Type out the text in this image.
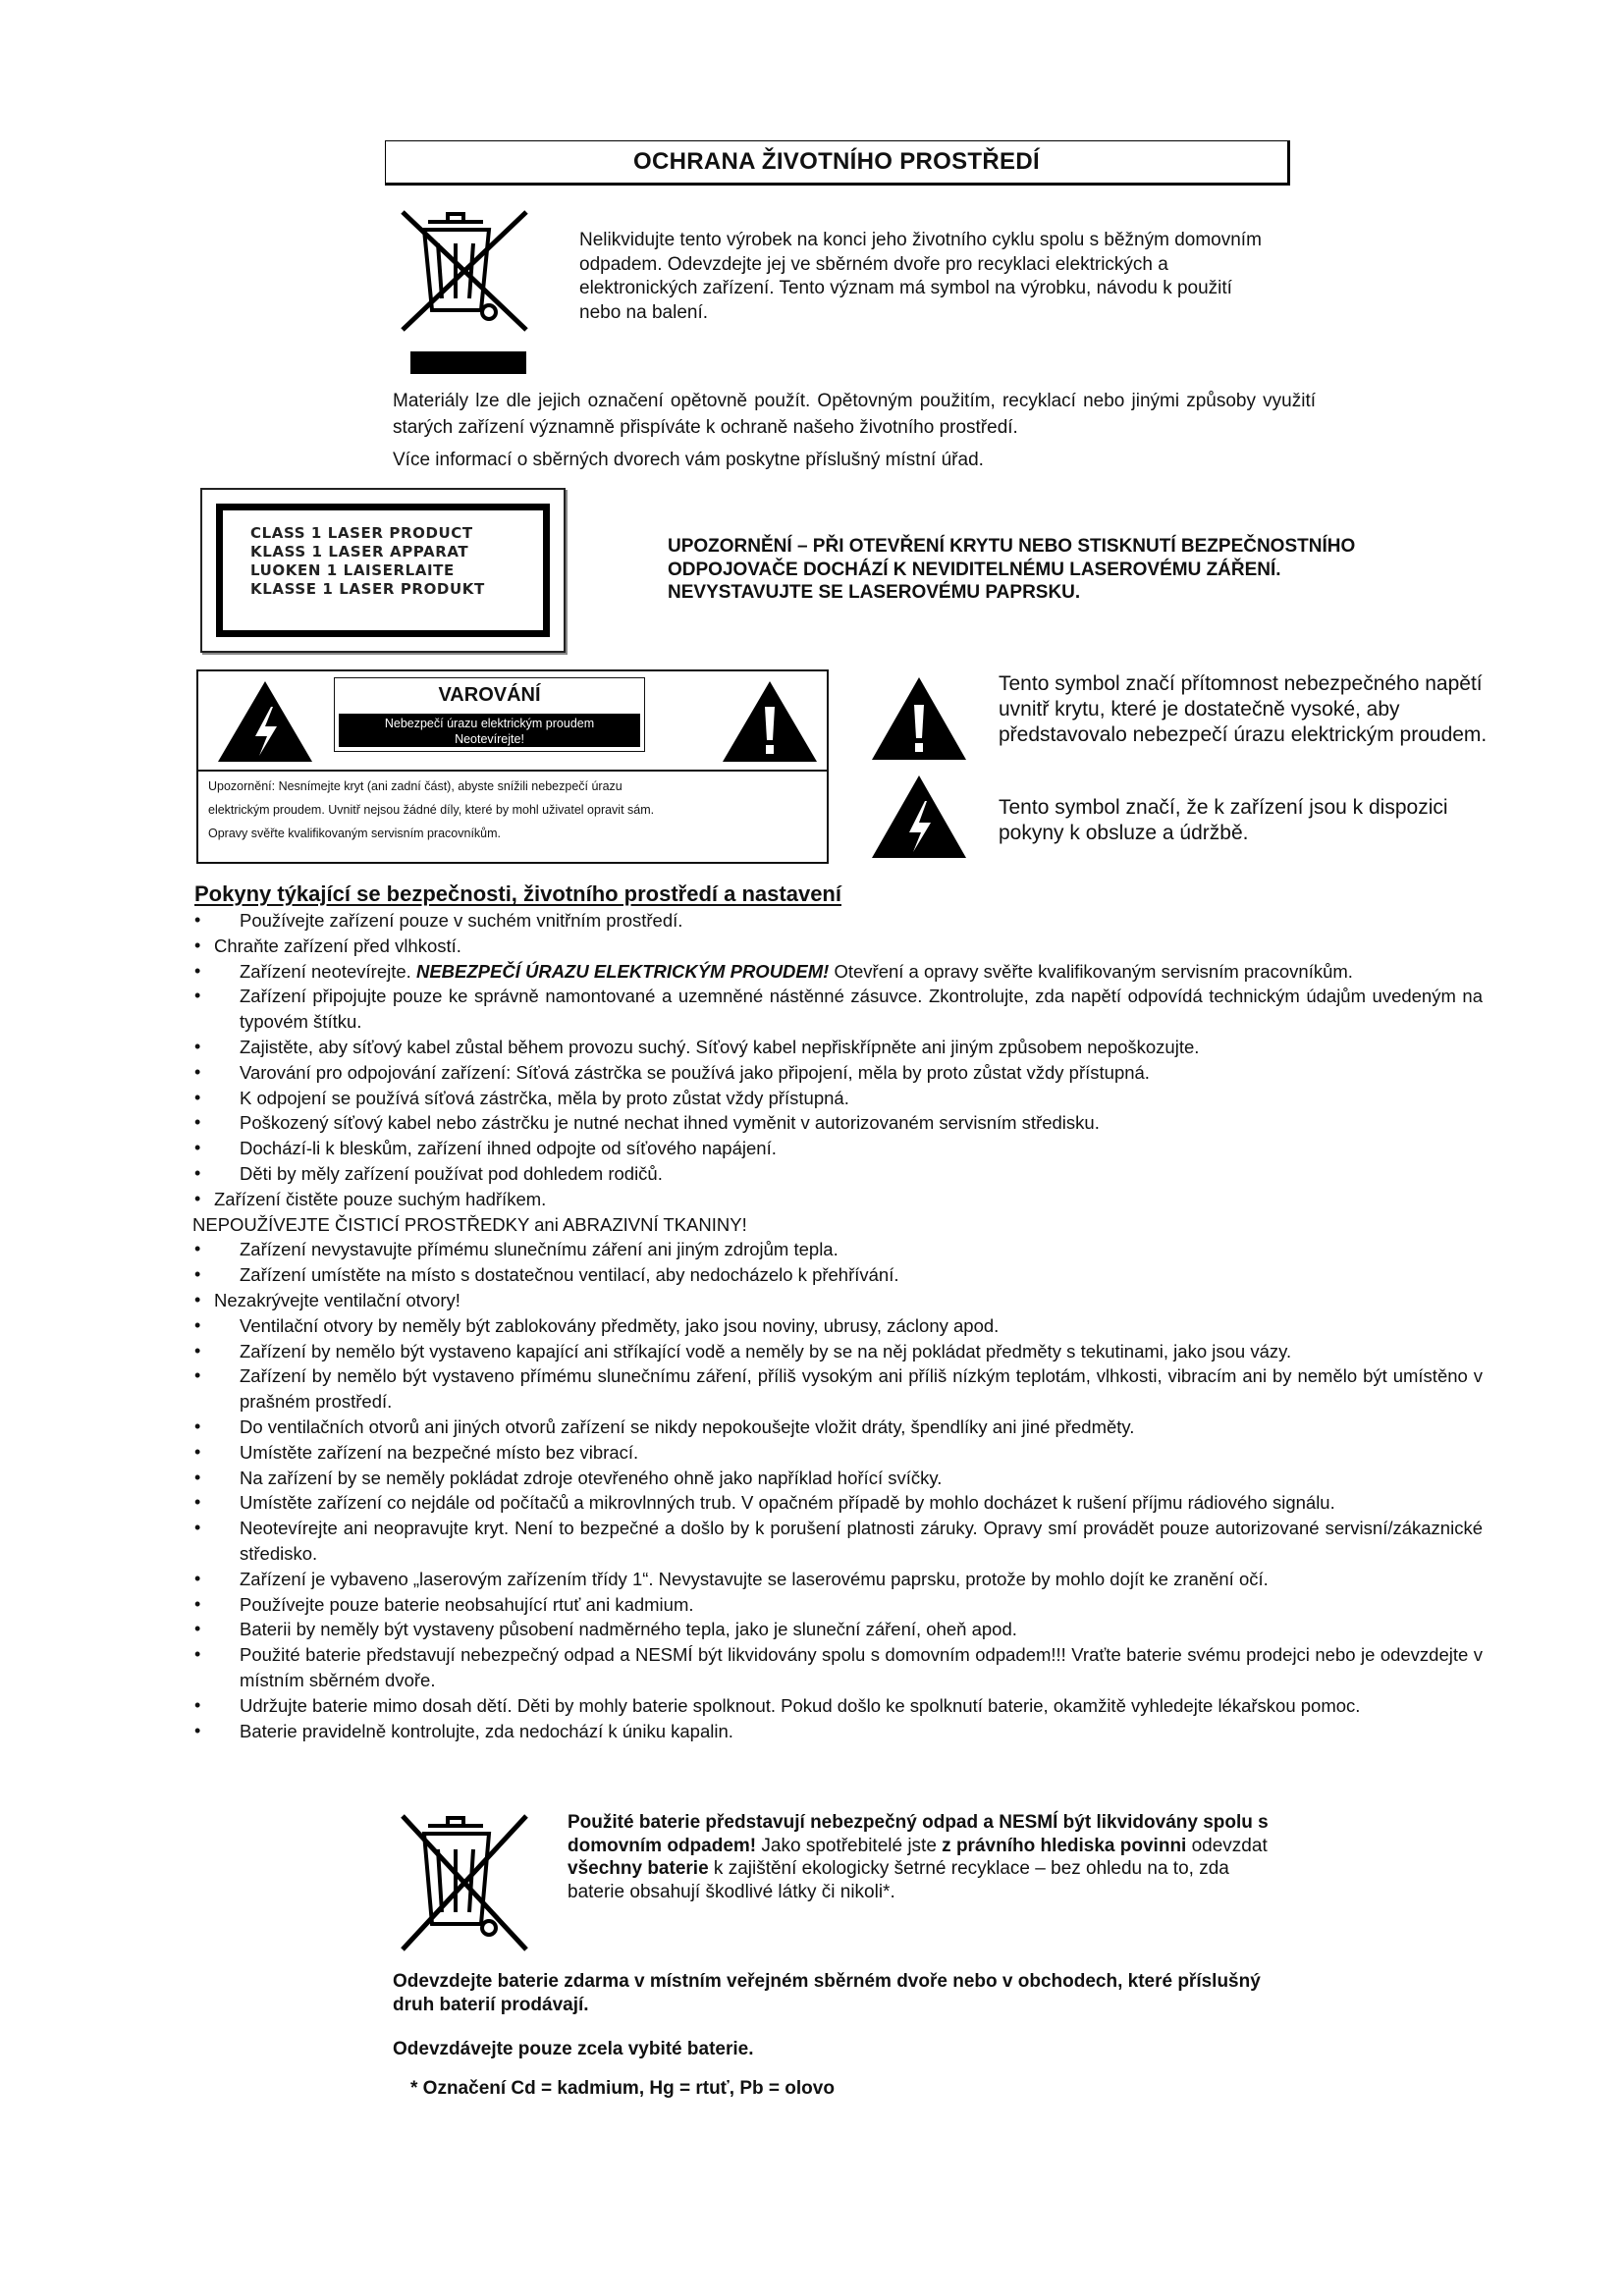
OCHRANA ŽIVOTNÍHO PROSTŘEDÍ
Nelikvidujte tento výrobek na konci jeho životního cyklu spolu s běžným domovním odpadem. Odevzdejte jej ve sběrném dvoře pro recyklaci elektrických a elektronických zařízení. Tento význam má symbol na výrobku, návodu k použití nebo na balení.
Materiály lze dle jejich označení opětovně použít. Opětovným použitím, recyklací nebo jinými způsoby využití starých zařízení významně přispíváte k ochraně našeho životního prostředí.
Více informací o sběrných dvorech vám poskytne příslušný místní úřad.
CLASS 1 LASER PRODUCT
KLASS 1 LASER APPARAT
LUOKEN 1 LAISERLAITE
KLASSE 1 LASER PRODUKT
UPOZORNĚNÍ – PŘI OTEVŘENÍ KRYTU NEBO STISKNUTÍ BEZPEČNOSTNÍHO ODPOJOVAČE DOCHÁZÍ K NEVIDITELNÉMU LASEROVÉMU ZÁŘENÍ. NEVYSTAVUJTE SE LASEROVÉMU PAPRSKU.
VAROVÁNÍ
Nebezpečí úrazu elektrickým proudem
Neotevírejte!
Upozornění: Nesnímejte kryt (ani zadní část), abyste snížili nebezpečí úrazu
elektrickým proudem. Uvnitř nejsou žádné díly, které by mohl uživatel opravit sám.
Opravy svěřte kvalifikovaným servisním pracovníkům.
Tento symbol značí přítomnost nebezpečného napětí uvnitř krytu, které je dostatečně vysoké, aby představovalo nebezpečí úrazu elektrickým proudem.
Tento symbol značí, že k zařízení jsou k dispozici pokyny k obsluze a údržbě.
Pokyny týkající se bezpečnosti, životního prostředí a nastavení
• Používejte zařízení pouze v suchém vnitřním prostředí.
• Chraňte zařízení před vlhkostí.
• Zařízení neotevírejte. NEBEZPEČÍ ÚRAZU ELEKTRICKÝM PROUDEM! Otevření a opravy svěřte kvalifikovaným servisním pracovníkům.
• Zařízení připojujte pouze ke správně namontované a uzemněné nástěnné zásuvce. Zkontrolujte, zda napětí odpovídá technickým údajům uvedeným na typovém štítku.
• Zajistěte, aby síťový kabel zůstal během provozu suchý. Síťový kabel nepřiskřípněte ani jiným způsobem nepoškozujte.
• Varování pro odpojování zařízení: Síťová zástrčka se používá jako připojení, měla by proto zůstat vždy přístupná.
• K odpojení se používá síťová zástrčka, měla by proto zůstat vždy přístupná.
• Poškozený síťový kabel nebo zástrčku je nutné nechat ihned vyměnit v autorizovaném servisním středisku.
• Dochází-li k bleskům, zařízení ihned odpojte od síťového napájení.
• Děti by měly zařízení používat pod dohledem rodičů.
• Zařízení čistěte pouze suchým hadříkem.
NEPOUŽÍVEJTE ČISTICÍ PROSTŘEDKY ani ABRAZIVNÍ TKANINY!
• Zařízení nevystavujte přímému slunečnímu záření ani jiným zdrojům tepla.
• Zařízení umístěte na místo s dostatečnou ventilací, aby nedocházelo k přehřívání.
• Nezakrývejte ventilační otvory!
• Ventilační otvory by neměly být zablokovány předměty, jako jsou noviny, ubrusy, záclony apod.
• Zařízení by nemělo být vystaveno kapající ani stříkající vodě a neměly by se na něj pokládat předměty s tekutinami, jako jsou vázy.
• Zařízení by nemělo být vystaveno přímému slunečnímu záření, příliš vysokým ani příliš nízkým teplotám, vlhkosti, vibracím ani by nemělo být umístěno v prašném prostředí.
• Do ventilačních otvorů ani jiných otvorů zařízení se nikdy nepokoušejte vložit dráty, špendlíky ani jiné předměty.
• Umístěte zařízení na bezpečné místo bez vibrací.
• Na zařízení by se neměly pokládat zdroje otevřeného ohně jako například hořící svíčky.
• Umístěte zařízení co nejdále od počítačů a mikrovlnných trub. V opačném případě by mohlo docházet k rušení příjmu rádiového signálu.
• Neotevírejte ani neopravujte kryt. Není to bezpečné a došlo by k porušení platnosti záruky. Opravy smí provádět pouze autorizované servisní/zákaznické středisko.
• Zařízení je vybaveno „laserovým zařízením třídy 1“. Nevystavujte se laserovému paprsku, protože by mohlo dojít ke zranění očí.
• Používejte pouze baterie neobsahující rtuť ani kadmium.
• Baterii by neměly být vystaveny působení nadměrného tepla, jako je sluneční záření, oheň apod.
• Použité baterie představují nebezpečný odpad a NESMÍ být likvidovány spolu s domovním odpadem!!! Vraťte baterie svému prodejci nebo je odevzdejte v místním sběrném dvoře.
• Udržujte baterie mimo dosah dětí. Děti by mohly baterie spolknout. Pokud došlo ke spolknutí baterie, okamžitě vyhledejte lékařskou pomoc.
• Baterie pravidelně kontrolujte, zda nedochází k úniku kapalin.
Použité baterie představují nebezpečný odpad a NESMÍ být likvidovány spolu s domovním odpadem! Jako spotřebitelé jste z právního hlediska povinni odevzdat všechny baterie k zajištění ekologicky šetrné recyklace – bez ohledu na to, zda baterie obsahují škodlivé látky či nikoli*.
Odevzdejte baterie zdarma v místním veřejném sběrném dvoře nebo v obchodech, které příslušný druh baterií prodávají.
Odevzdávejte pouze zcela vybité baterie.
* Označení Cd = kadmium, Hg = rtuť, Pb = olovo
